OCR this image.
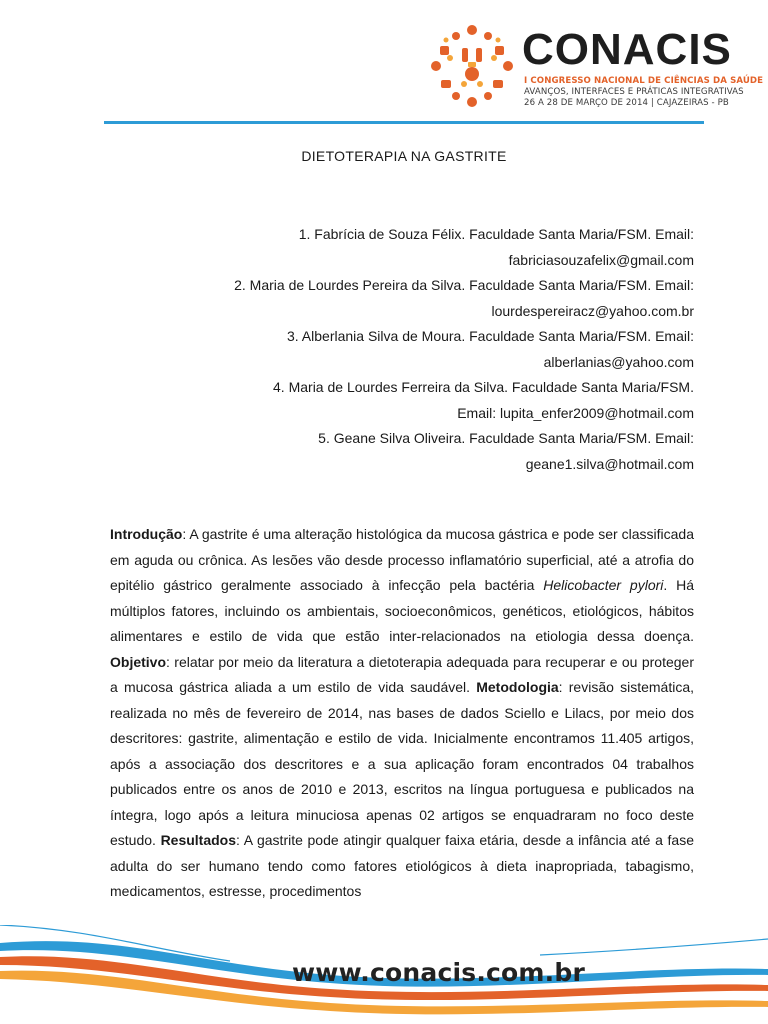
CONACIS
I CONGRESSO NACIONAL DE CIÊNCIAS DA SAÚDE
AVANÇOS, INTERFACES E PRÁTICAS INTEGRATIVAS
26 A 28 DE MARÇO DE 2014 | CAJAZEIRAS - PB
DIETOTERAPIA NA GASTRITE
1. Fabrícia de Souza Félix. Faculdade Santa Maria/FSM. Email:
fabriciasouzafelix@gmail.com
2. Maria de Lourdes Pereira da Silva. Faculdade Santa Maria/FSM. Email:
lourdespereiracz@yahoo.com.br
3. Alberlania Silva de Moura. Faculdade Santa Maria/FSM. Email:
alberlanias@yahoo.com
4. Maria de Lourdes Ferreira da Silva. Faculdade Santa Maria/FSM.
Email: lupita_enfer2009@hotmail.com
5. Geane Silva Oliveira. Faculdade Santa Maria/FSM. Email:
geane1.silva@hotmail.com
Introdução: A gastrite é uma alteração histológica da mucosa gástrica e pode ser classificada em aguda ou crônica. As lesões vão desde processo inflamatório superficial, até a atrofia do epitélio gástrico geralmente associado à infecção pela bactéria Helicobacter pylori. Há múltiplos fatores, incluindo os ambientais, socioeconômicos, genéticos, etiológicos, hábitos alimentares e estilo de vida que estão inter-relacionados na etiologia dessa doença. Objetivo: relatar por meio da literatura a dietoterapia adequada para recuperar e ou proteger a mucosa gástrica aliada a um estilo de vida saudável. Metodologia: revisão sistemática, realizada no mês de fevereiro de 2014, nas bases de dados Sciello e Lilacs, por meio dos descritores: gastrite, alimentação e estilo de vida. Inicialmente encontramos 11.405 artigos, após a associação dos descritores e a sua aplicação foram encontrados 04 trabalhos publicados entre os anos de 2010 e 2013, escritos na língua portuguesa e publicados na íntegra, logo após a leitura minuciosa apenas 02 artigos se enquadraram no foco deste estudo. Resultados: A gastrite pode atingir qualquer faixa etária, desde a infância até a fase adulta do ser humano tendo como fatores etiológicos à dieta inapropriada, tabagismo, medicamentos, estresse, procedimentos
www.conacis.com.br
